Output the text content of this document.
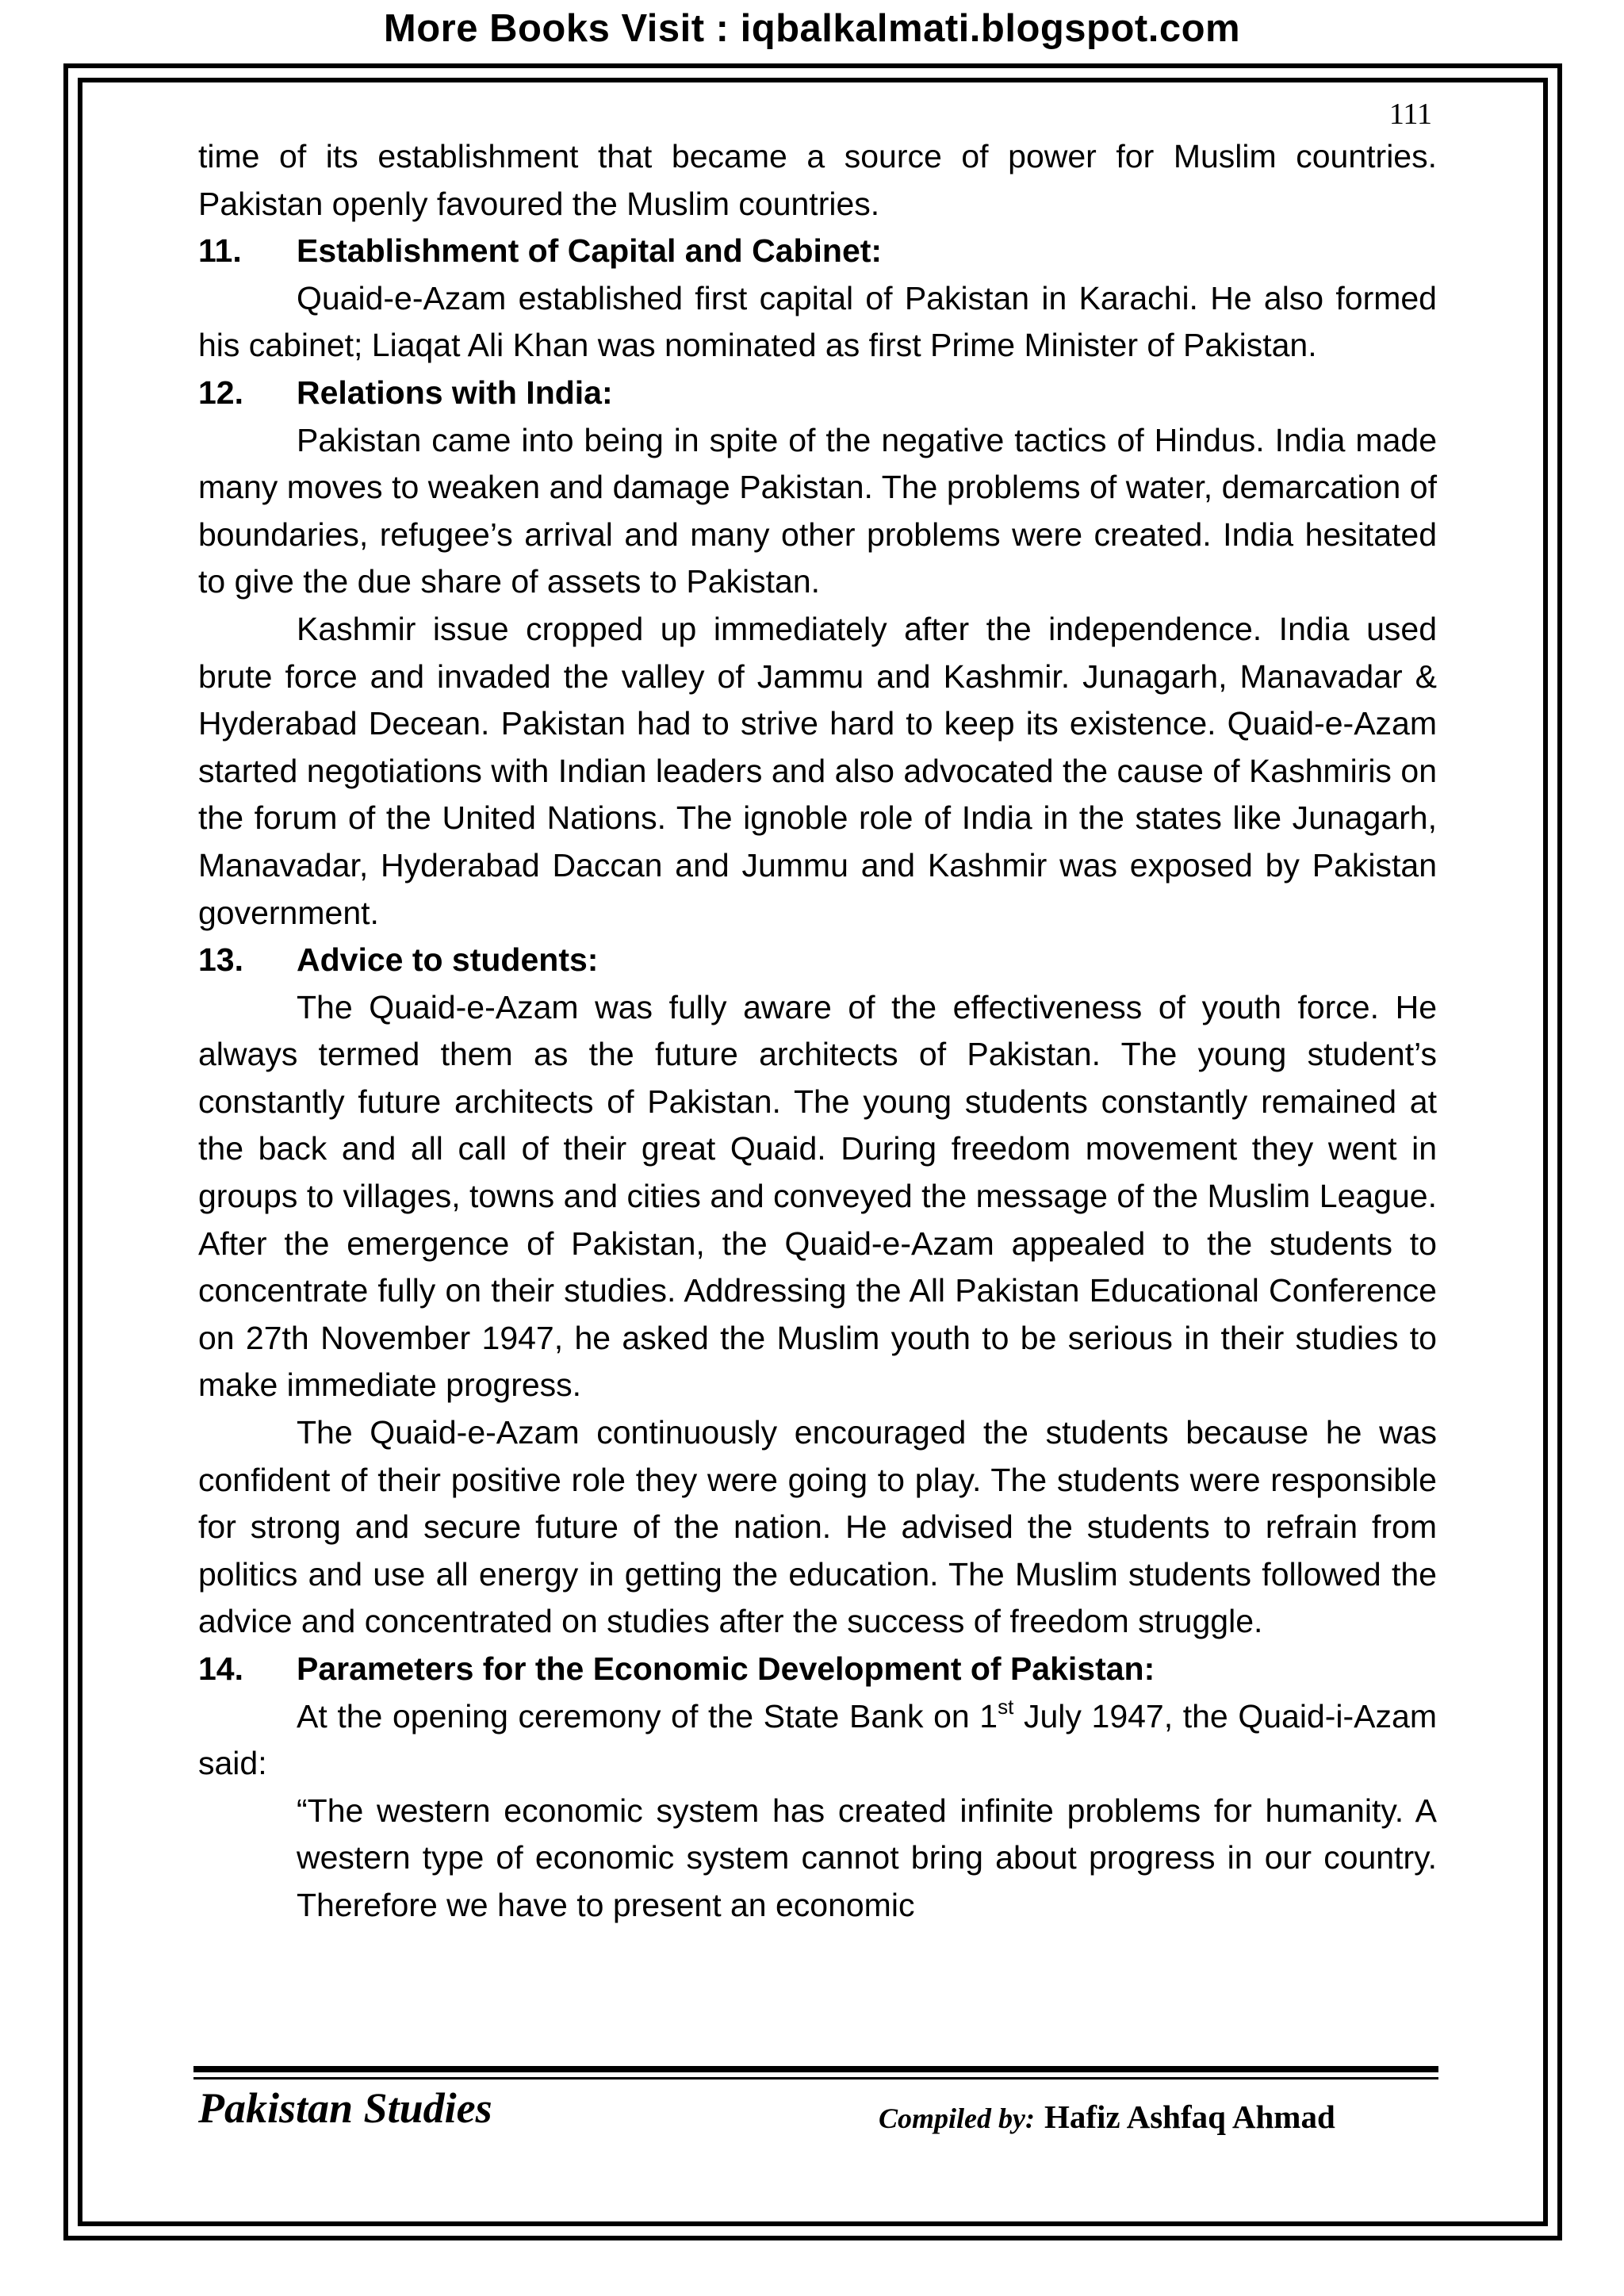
More Books Visit : iqbalkalmati.blogspot.com
111

time of its establishment that became a source of power for Muslim countries. Pakistan openly favoured the Muslim countries.

11. Establishment of Capital and Cabinet:

Quaid-e-Azam established first capital of Pakistan in Karachi. He also formed his cabinet; Liaqat Ali Khan was nominated as first Prime Minister of Pakistan.

12. Relations with India:

Pakistan came into being in spite of the negative tactics of Hindus. India made many moves to weaken and damage Pakistan. The problems of water, demarcation of boundaries, refugee’s arrival and many other problems were created. India hesitated to give the due share of assets to Pakistan.

Kashmir issue cropped up immediately after the independence. India used brute force and invaded the valley of Jammu and Kashmir. Junagarh, Manavadar & Hyderabad Decean. Pakistan had to strive hard to keep its existence. Quaid-e-Azam started negotiations with Indian leaders and also advocated the cause of Kashmiris on the forum of the United Nations. The ignoble role of India in the states like Junagarh, Manavadar, Hyderabad Daccan and Jummu and Kashmir was exposed by Pakistan government.

13. Advice to students:

The Quaid-e-Azam was fully aware of the effectiveness of youth force. He always termed them as the future architects of Pakistan. The young student’s constantly future architects of Pakistan. The young students constantly remained at the back and all call of their great Quaid. During freedom movement they went in groups to villages, towns and cities and conveyed the message of the Muslim League. After the emergence of Pakistan, the Quaid-e-Azam appealed to the students to concentrate fully on their studies. Addressing the All Pakistan Educational Conference on 27th November 1947, he asked the Muslim youth to be serious in their studies to make immediate progress.

The Quaid-e-Azam continuously encouraged the students because he was confident of their positive role they were going to play. The students were responsible for strong and secure future of the nation. He advised the students to refrain from politics and use all energy in getting the education. The Muslim students followed the advice and concentrated on studies after the success of freedom struggle.

14. Parameters for the Economic Development of Pakistan:

At the opening ceremony of the State Bank on 1st July 1947, the Quaid-i-Azam said:

“The western economic system has created infinite problems for humanity. A western type of economic system cannot bring about progress in our country. Therefore we have to present an economic

Pakistan Studies	Compiled by: Hafiz Ashfaq Ahmad
